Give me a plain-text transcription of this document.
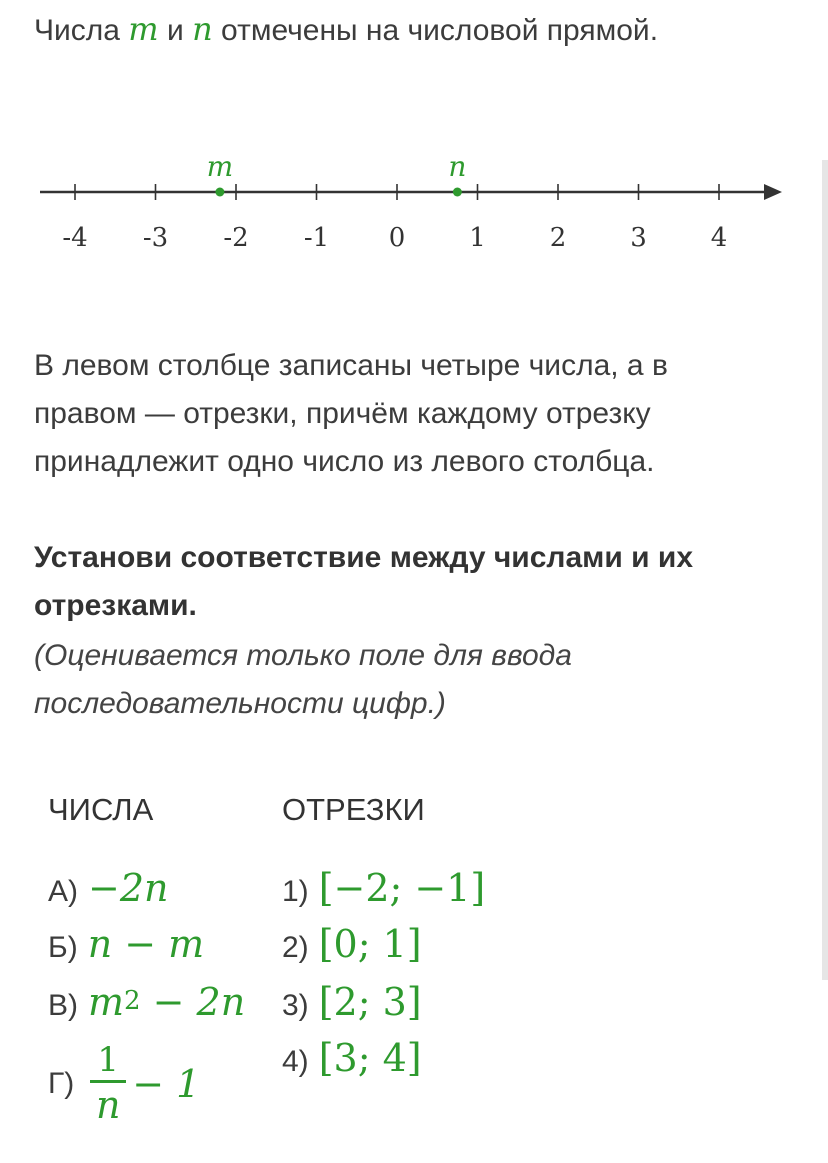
Числа m и n отмечены на числовой прямой.
-4 -3 -2 -1 0 1 2 3 4
m	n
В левом столбце записаны четыре числа, а в
правом — отрезки, причём каждому отрезку
принадлежит одно число из левого столбца.
Установи соответствие между числами и их
отрезками.
(Оценивается только поле для ввода
последовательности цифр.)
ЧИСЛА	ОТРЕЗКИ
А) −2n
Б) n − m
В) $m^2 - 2n$
$Г) \frac{1}{n} - 1$
1) [−2; −1]
2) [0; 1]
3) [2; 3]
4) [3; 4]
